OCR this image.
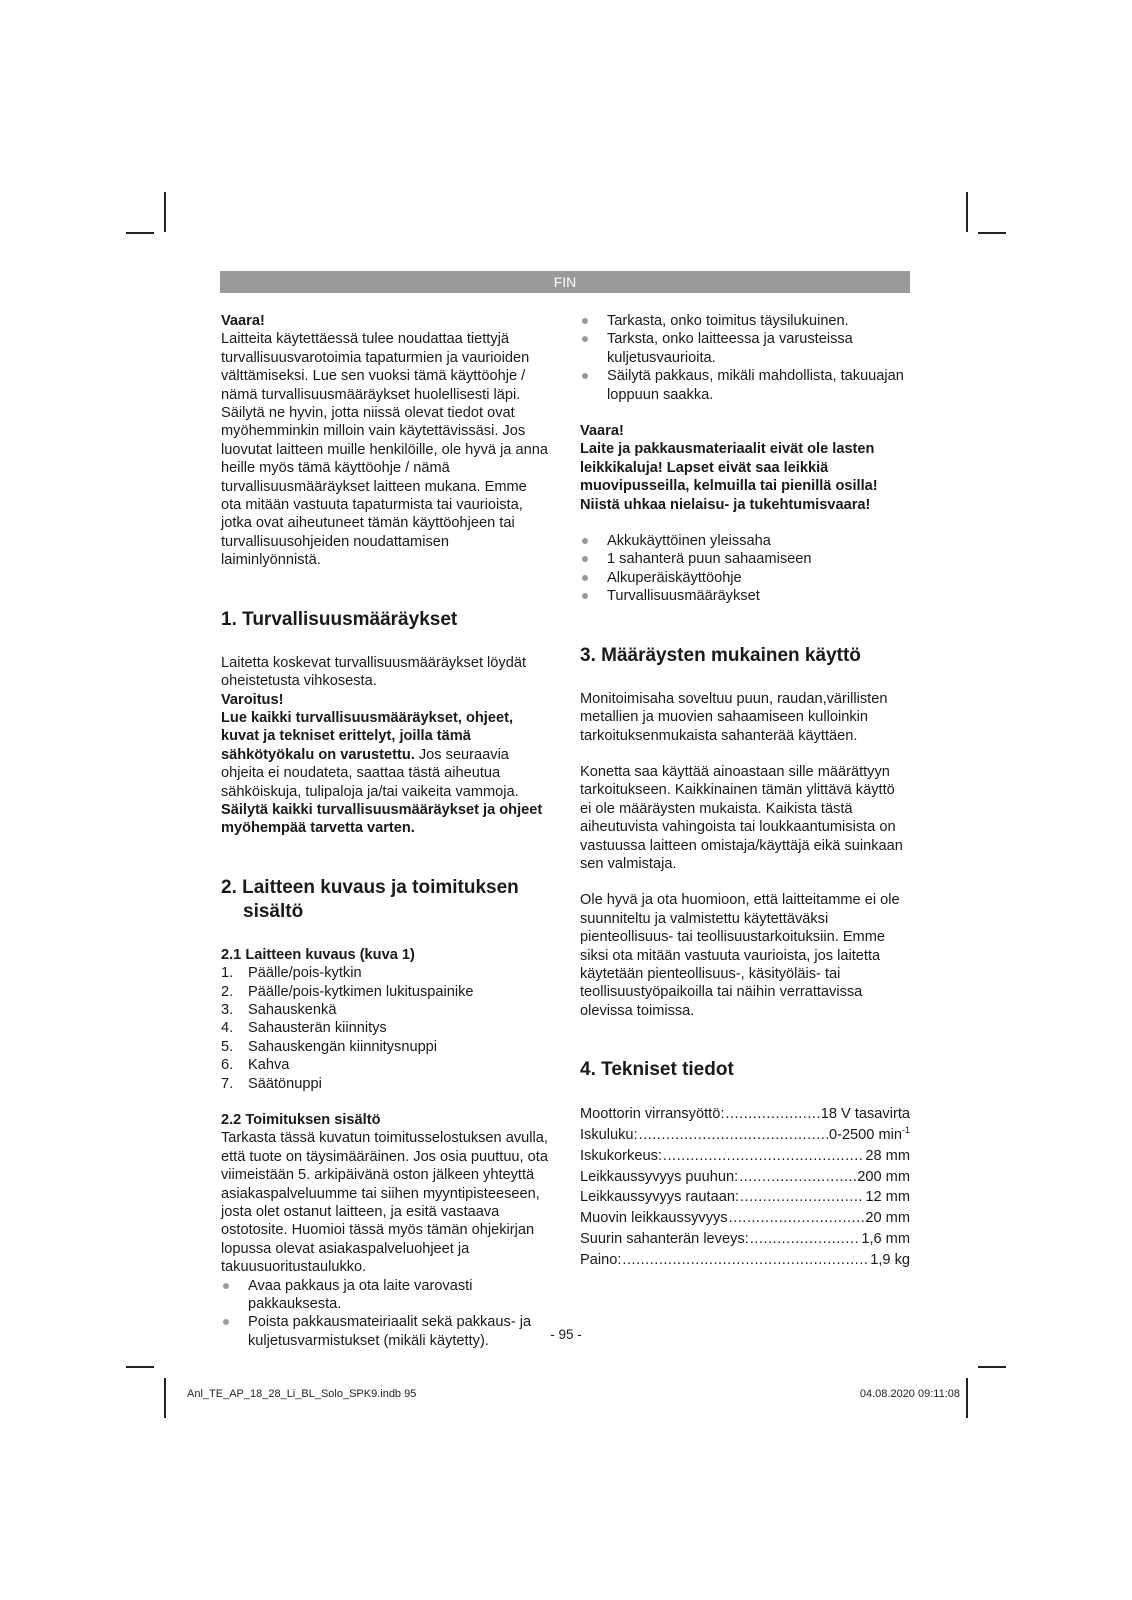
FIN

Vaara!

Laitteita käytettäessä tulee noudattaa tiettyjä turvallisuusvarotoimia tapaturmien ja vaurioiden välttämiseksi. Lue sen vuoksi tämä käyttöohje / nämä turvallisuusmääräykset huolellisesti läpi. Säilytä ne hyvin, jotta niissä olevat tiedot ovat myöhemminkin milloin vain käytettävissäsi. Jos luovutat laitteen muille henkilöille, ole hyvä ja anna heille myös tämä käyttöohje / nämä turvallisuusmääräykset laitteen mukana. Emme ota mitään vastuuta tapaturmista tai vaurioista, jotka ovat aiheutuneet tämän käyttöohjeen tai turvallisuusohjeiden noudattamisen laiminlyönnistä.

1. Turvallisuusmääräykset

Laitetta koskevat turvallisuusmääräykset löydät oheistetusta vihkosesta.

Varoitus!

Lue kaikki turvallisuusmääräykset, ohjeet, kuvat ja tekniset erittelyt, joilla tämä sähkötyökalu on varustettu. Jos seuraavia ohjeita ei noudateta, saattaa tästä aiheutua sähköiskuja, tulipaloja ja/tai vaikeita vammoja.

Säilytä kaikki turvallisuusmääräykset ja ohjeet myöhempää tarvetta varten.

2. Laitteen kuvaus ja toimituksen
sisältö
2.1 Laitteen kuvaus (kuva 1)
1. Päälle/pois-kytkin
2. Päälle/pois-kytkimen lukituspainike
3. Sahauskenkä
4. Sahausterän kiinnitys
5. Sahauskengän kiinnitysnuppi
6. Kahva
7. Säätönuppi
2.2 Toimituksen sisältö

Tarkasta tässä kuvatun toimitusselostuksen avulla, että tuote on täysimääräinen. Jos osia puuttuu, ota viimeistään 5. arkipäivänä oston jälkeen yhteyttä asiakaspalveluumme tai siihen myyntipisteeseen, josta olet ostanut laitteen, ja esitä vastaava ostotosite. Huomioi tässä myös tämän ohjekirjan lopussa olevat asiakaspalveluohjeet ja takuusuoritustaulukko.

Avaa pakkaus ja ota laite varovasti pakkauksesta.
Poista pakkausmateiriaalit sekä pakkaus- ja kuljetusvarmistukset (mikäli käytetty).
Tarkasta, onko toimitus täysilukuinen.
Tarksta, onko laitteessa ja varusteissa kuljetusvaurioita.
Säilytä pakkaus, mikäli mahdollista, takuuajan loppuun saakka.

Vaara!

Laite ja pakkausmateriaalit eivät ole lasten leikkikaluja! Lapset eivät saa leikkiä muovipusseilla, kelmuilla tai pienillä osilla! Niistä uhkaa nielaisu- ja tukehtumisvaara!

Akkukäyttöinen yleissaha
1 sahanterä puun sahaamiseen
Alkuperäiskäyttöohje
Turvallisuusmääräykset
3. Määräysten mukainen käyttö

Monitoimisaha soveltuu puun, raudan,värillisten metallien ja muovien sahaamiseen kulloinkin tarkoituksenmukaista sahanterää käyttäen.

Konetta saa käyttää ainoastaan sille määrättyyn tarkoitukseen. Kaikkinainen tämän ylittävä käyttö ei ole määräysten mukaista. Kaikista tästä aiheutuvista vahingoista tai loukkaantumisista on vastuussa laitteen omistaja/käyttäjä eikä suinkaan sen valmistaja.

Ole hyvä ja ota huomioon, että laitteitamme ei ole suunniteltu ja valmistettu käytettäväksi pienteollisuus- tai teollisuustarkoituksiin. Emme siksi ota mitään vastuuta vaurioista, jos laitetta käytetään pienteollisuus-, käsityöläis- tai teollisuustyöpaikoilla tai näihin verrattavissa olevissa toimissa.

4. Tekniset tiedot
Moottorin virransyöttö: .....	18 V tasavirta
Iskuluku: .....	0-2500 $\min^{-1}$
Iskukorkeus: .....	28 mm
Leikkaussyvyys puuhun: .....	200 mm
Leikkaussyvyys rautaan: .....	12 mm
Muovin leikkaussyvyys .....	20 mm
Suurin sahanterän leveys: .....	1,6 mm
Paino: .....	1,9 kg
- 95 -
Anl_TE_AP_18_28_Li_BL_Solo_SPK9.indb 95	04.08.2020 09:11:08
